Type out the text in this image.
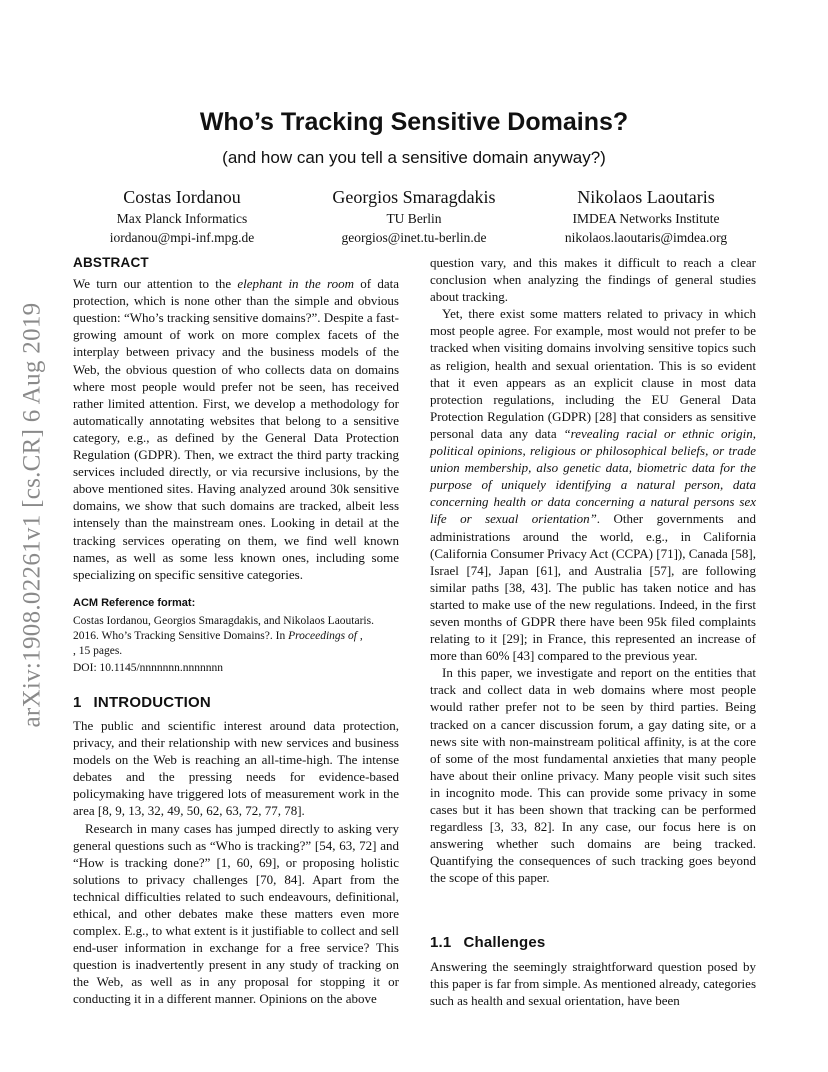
arXiv:1908.02261v1 [cs.CR] 6 Aug 2019
Who’s Tracking Sensitive Domains?
(and how can you tell a sensitive domain anyway?)
Costas Iordanou
Max Planck Informatics
iordanou@mpi-inf.mpg.de
Georgios Smaragdakis
TU Berlin
georgios@inet.tu-berlin.de
Nikolaos Laoutaris
IMDEA Networks Institute
nikolaos.laoutaris@imdea.org
ABSTRACT

We turn our attention to the elephant in the room of data protection, which is none other than the simple and obvious question: “Who’s tracking sensitive domains?”. Despite a fast-growing amount of work on more complex facets of the interplay between privacy and the business models of the Web, the obvious question of who collects data on domains where most people would prefer not be seen, has received rather limited attention. First, we develop a methodology for automatically annotating websites that belong to a sensitive category, e.g., as defined by the General Data Protection Regulation (GDPR). Then, we extract the third party tracking services included directly, or via recursive inclusions, by the above mentioned sites. Having analyzed around 30k sensitive domains, we show that such domains are tracked, albeit less intensely than the mainstream ones. Looking in detail at the tracking services operating on them, we find well known names, as well as some less known ones, including some specializing on specific sensitive categories.

ACM Reference format:
Costas Iordanou, Georgios Smaragdakis, and Nikolaos Laoutaris. 2016. Who’s Tracking Sensitive Domains?. In Proceedings of ,
, 15 pages.
DOI: 10.1145/nnnnnnn.nnnnnnn
1 INTRODUCTION

The public and scientific interest around data protection, privacy, and their relationship with new services and business models on the Web is reaching an all-time-high. The intense debates and the pressing needs for evidence-based policymaking have triggered lots of measurement work in the area [8, 9, 13, 32, 49, 50, 62, 63, 72, 77, 78].

Research in many cases has jumped directly to asking very general questions such as “Who is tracking?” [54, 63, 72] and “How is tracking done?” [1, 60, 69], or proposing holistic solutions to privacy challenges [70, 84]. Apart from the technical difficulties related to such endeavours, definitional, ethical, and other debates make these matters even more complex. E.g., to what extent is it justifiable to collect and sell end-user information in exchange for a free service? This question is inadvertently present in any study of tracking on the Web, as well as in any proposal for stopping it or conducting it in a different manner. Opinions on the above

question vary, and this makes it difficult to reach a clear conclusion when analyzing the findings of general studies about tracking.

Yet, there exist some matters related to privacy in which most people agree. For example, most would not prefer to be tracked when visiting domains involving sensitive topics such as religion, health and sexual orientation. This is so evident that it even appears as an explicit clause in most data protection regulations, including the EU General Data Protection Regulation (GDPR) [28] that considers as sensitive personal data any data “revealing racial or ethnic origin, political opinions, religious or philosophical beliefs, or trade union membership, also genetic data, biometric data for the purpose of uniquely identifying a natural person, data concerning health or data concerning a natural persons sex life or sexual orientation”. Other governments and administrations around the world, e.g., in California (California Consumer Privacy Act (CCPA) [71]), Canada [58], Israel [74], Japan [61], and Australia [57], are following similar paths [38, 43]. The public has taken notice and has started to make use of the new regulations. Indeed, in the first seven months of GDPR there have been 95k filed complaints relating to it [29]; in France, this represented an increase of more than 60% [43] compared to the previous year.

In this paper, we investigate and report on the entities that track and collect data in web domains where most people would rather prefer not to be seen by third parties. Being tracked on a cancer discussion forum, a gay dating site, or a news site with non-mainstream political affinity, is at the core of some of the most fundamental anxieties that many people have about their online privacy. Many people visit such sites in incognito mode. This can provide some privacy in some cases but it has been shown that tracking can be performed regardless [3, 33, 82]. In any case, our focus here is on answering whether such domains are being tracked. Quantifying the consequences of such tracking goes beyond the scope of this paper.

1.1 Challenges

Answering the seemingly straightforward question posed by this paper is far from simple. As mentioned already, categories such as health and sexual orientation, have been
